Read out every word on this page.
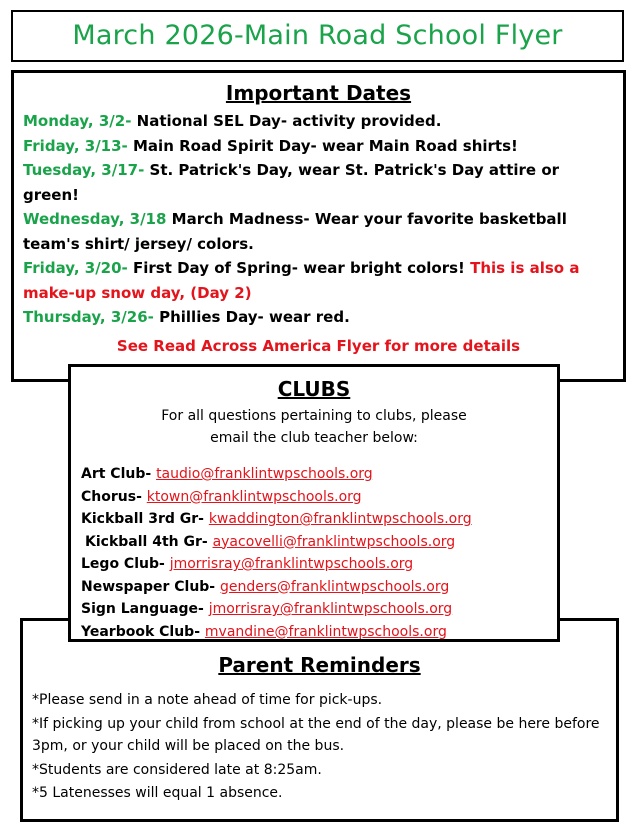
March 2026-Main Road School Flyer
Important Dates

Monday, 3/2- National SEL Day- activity provided.

Friday, 3/13- Main Road Spirit Day- wear Main Road shirts!

Tuesday, 3/17- St. Patrick's Day, wear St. Patrick's Day attire or green!

Wednesday, 3/18 March Madness- Wear your favorite basketball team's shirt/ jersey/ colors.

Friday, 3/20- First Day of Spring- wear bright colors! This is also a make-up snow day, (Day 2)

Thursday, 3/26- Phillies Day- wear red.

See Read Across America Flyer for more details
CLUBS

For all questions pertaining to clubs, please

email the club teacher below:

Art Club- taudio@franklintwpschools.org
Chorus- ktown@franklintwpschools.org
Kickball 3rd Gr- kwaddington@franklintwpschools.org
Kickball 4th Gr- ayacovelli@franklintwpschools.org
Lego Club- jmorrisray@franklintwpschools.org
Newspaper Club- genders@franklintwpschools.org
Sign Language- jmorrisray@franklintwpschools.org
Yearbook Club- mvandine@franklintwpschools.org
Parent Reminders

*Please send in a note ahead of time for pick-ups.

*If picking up your child from school at the end of the day, please be here before 3pm, or your child will be placed on the bus.

*Students are considered late at 8:25am.

*5 Latenesses will equal 1 absence.
